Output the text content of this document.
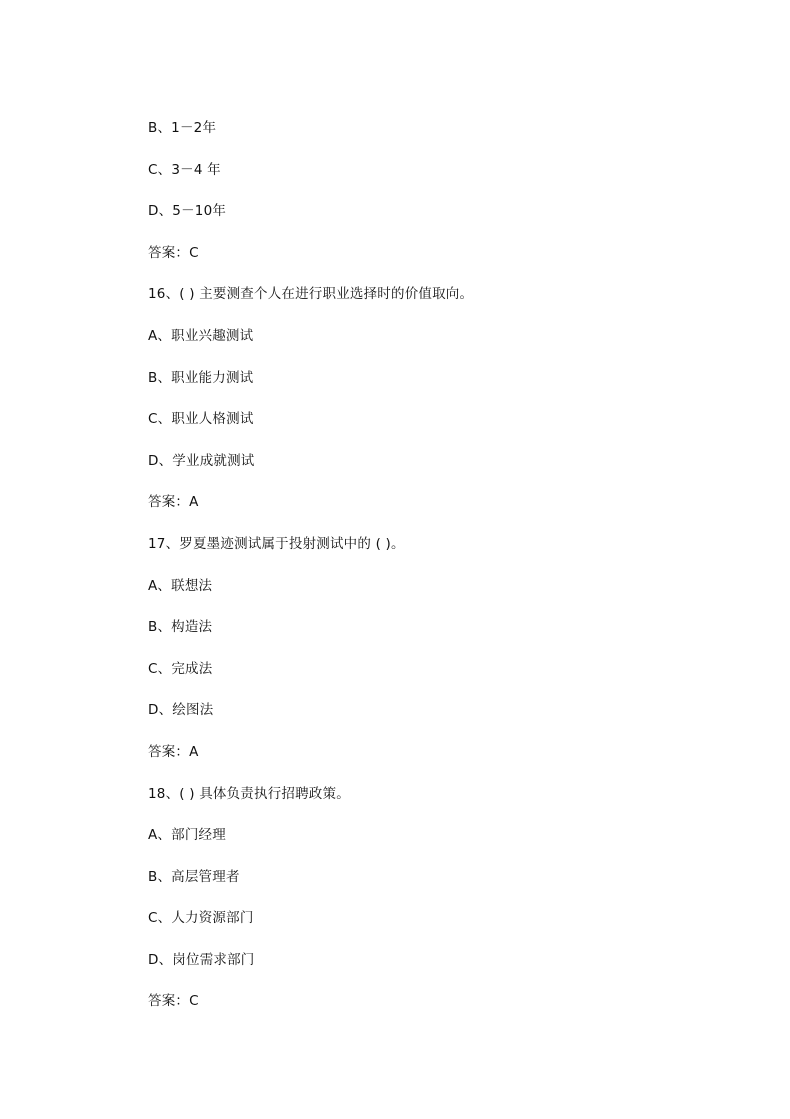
B、1－2年
C、3－4 年
D、5－10年
答案：C
16、( ) 主要测查个人在进行职业选择时的价值取向。
A、职业兴趣测试
B、职业能力测试
C、职业人格测试
D、学业成就测试
答案：A
17、罗夏墨迹测试属于投射测试中的 ( )。
A、联想法
B、构造法
C、完成法
D、绘图法
答案：A
18、( ) 具体负责执行招聘政策。
A、部门经理
B、高层管理者
C、人力资源部门
D、岗位需求部门
答案：C
